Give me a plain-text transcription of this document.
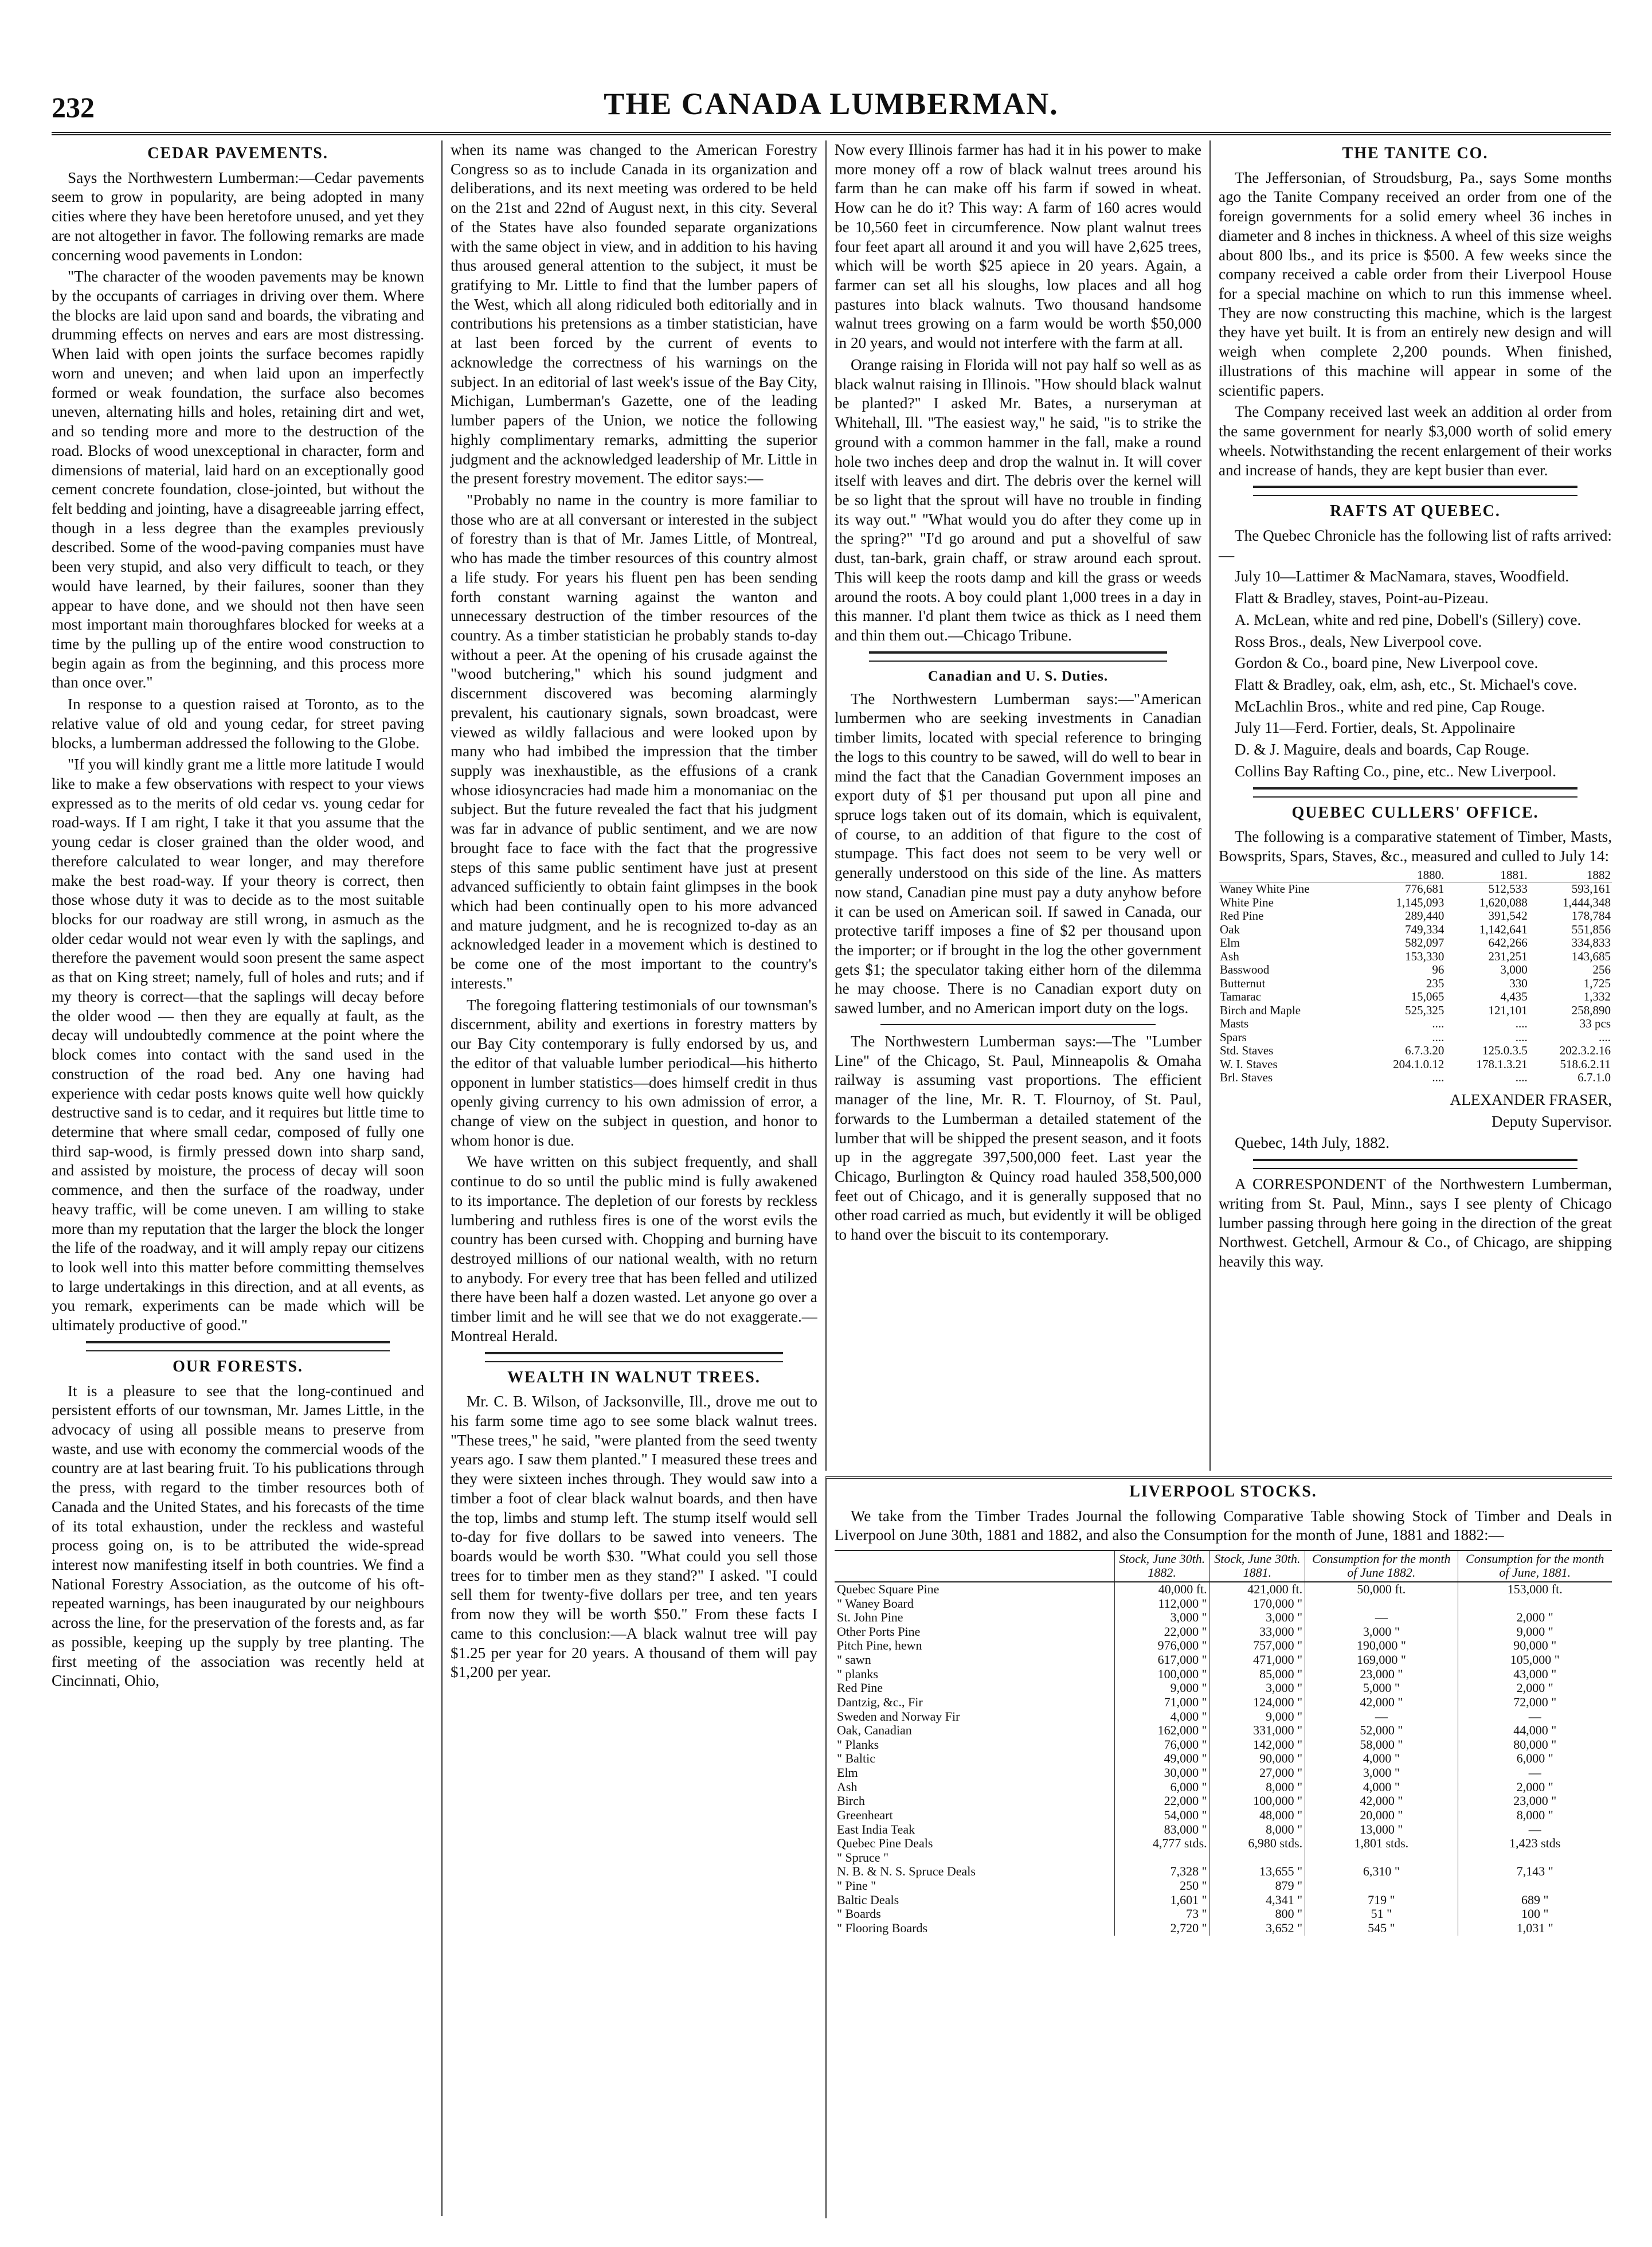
232	THE CANADA LUMBERMAN.
CEDAR PAVEMENTS.

Says the Northwestern Lumberman:—Cedar pavements seem to grow in popularity, are being adopted in many cities where they have been heretofore unused, and yet they are not altogether in favor. The following remarks are made concerning wood pavements in London:

"The character of the wooden pavements may be known by the occupants of carriages in driving over them. Where the blocks are laid upon sand and boards, the vibrating and drumming effects on nerves and ears are most distressing. When laid with open joints the surface becomes rapidly worn and uneven; and when laid upon an imperfectly formed or weak foundation, the surface also becomes uneven, alternating hills and holes, retaining dirt and wet, and so tending more and more to the destruction of the road. Blocks of wood unexceptional in character, form and dimensions of material, laid hard on an exceptionally good cement concrete foundation, close-jointed, but without the felt bedding and jointing, have a disagreeable jarring effect, though in a less degree than the examples previously described. Some of the wood-paving companies must have been very stupid, and also very difficult to teach, or they would have learned, by their failures, sooner than they appear to have done, and we should not then have seen most important main thoroughfares blocked for weeks at a time by the pulling up of the entire wood construction to begin again as from the beginning, and this process more than once over."

In response to a question raised at Toronto, as to the relative value of old and young cedar, for street paving blocks, a lumberman addressed the following to the Globe.

"If you will kindly grant me a little more latitude I would like to make a few observations with respect to your views expressed as to the merits of old cedar vs. young cedar for road-ways. If I am right, I take it that you assume that the young cedar is closer grained than the older wood, and therefore calculated to wear longer, and may therefore make the best road-way. If your theory is correct, then those whose duty it was to decide as to the most suitable blocks for our roadway are still wrong, in asmuch as the older cedar would not wear even ly with the saplings, and therefore the pavement would soon present the same aspect as that on King street; namely, full of holes and ruts; and if my theory is correct—that the saplings will decay before the older wood — then they are equally at fault, as the decay will undoubtedly commence at the point where the block comes into contact with the sand used in the construction of the road bed. Any one having had experience with cedar posts knows quite well how quickly destructive sand is to cedar, and it requires but little time to determine that where small cedar, composed of fully one third sap-wood, is firmly pressed down into sharp sand, and assisted by moisture, the process of decay will soon commence, and then the surface of the roadway, under heavy traffic, will be come uneven. I am willing to stake more than my reputation that the larger the block the longer the life of the roadway, and it will amply repay our citizens to look well into this matter before committing themselves to large undertakings in this direction, and at all events, as you remark, experiments can be made which will be ultimately productive of good."

OUR FORESTS.

It is a pleasure to see that the long-continued and persistent efforts of our townsman, Mr. James Little, in the advocacy of using all possible means to preserve from waste, and use with economy the commercial woods of the country are at last bearing fruit. To his publications through the press, with regard to the timber resources both of Canada and the United States, and his forecasts of the time of its total exhaustion, under the reckless and wasteful process going on, is to be attributed the wide-spread interest now manifesting itself in both countries. We find a National Forestry Association, as the outcome of his oft-repeated warnings, has been inaugurated by our neighbours across the line, for the preservation of the forests and, as far as possible, keeping up the supply by tree planting. The first meeting of the association was recently held at Cincinnati, Ohio,

when its name was changed to the American Forestry Congress so as to include Canada in its organization and deliberations, and its next meeting was ordered to be held on the 21st and 22nd of August next, in this city. Several of the States have also founded separate organizations with the same object in view, and in addition to his having thus aroused general attention to the subject, it must be gratifying to Mr. Little to find that the lumber papers of the West, which all along ridiculed both editorially and in contributions his pretensions as a timber statistician, have at last been forced by the current of events to acknowledge the correctness of his warnings on the subject. In an editorial of last week's issue of the Bay City, Michigan, Lumberman's Gazette, one of the leading lumber papers of the Union, we notice the following highly complimentary remarks, admitting the superior judgment and the acknowledged leadership of Mr. Little in the present forestry movement. The editor says:—

"Probably no name in the country is more familiar to those who are at all conversant or interested in the subject of forestry than is that of Mr. James Little, of Montreal, who has made the timber resources of this country almost a life study. For years his fluent pen has been sending forth constant warning against the wanton and unnecessary destruction of the timber resources of the country. As a timber statistician he probably stands to-day without a peer. At the opening of his crusade against the "wood butchering," which his sound judgment and discernment discovered was becoming alarmingly prevalent, his cautionary signals, sown broadcast, were viewed as wildly fallacious and were looked upon by many who had imbibed the impression that the timber supply was inexhaustible, as the effusions of a crank whose idiosyncracies had made him a monomaniac on the subject. But the future revealed the fact that his judgment was far in advance of public sentiment, and we are now brought face to face with the fact that the progressive steps of this same public sentiment have just at present advanced sufficiently to obtain faint glimpses in the book which had been continually open to his more advanced and mature judgment, and he is recognized to-day as an acknowledged leader in a movement which is destined to be come one of the most important to the country's interests."

The foregoing flattering testimonials of our townsman's discernment, ability and exertions in forestry matters by our Bay City contemporary is fully endorsed by us, and the editor of that valuable lumber periodical—his hitherto opponent in lumber statistics—does himself credit in thus openly giving currency to his own admission of error, a change of view on the subject in question, and honor to whom honor is due.

We have written on this subject frequently, and shall continue to do so until the public mind is fully awakened to its importance. The depletion of our forests by reckless lumbering and ruthless fires is one of the worst evils the country has been cursed with. Chopping and burning have destroyed millions of our national wealth, with no return to anybody. For every tree that has been felled and utilized there have been half a dozen wasted. Let anyone go over a timber limit and he will see that we do not exaggerate.—Montreal Herald.

WEALTH IN WALNUT TREES.

Mr. C. B. Wilson, of Jacksonville, Ill., drove me out to his farm some time ago to see some black walnut trees. "These trees," he said, "were planted from the seed twenty years ago. I saw them planted." I measured these trees and they were sixteen inches through. They would saw into a timber a foot of clear black walnut boards, and then have the top, limbs and stump left. The stump itself would sell to-day for five dollars to be sawed into veneers. The boards would be worth $30. "What could you sell those trees for to timber men as they stand?" I asked. "I could sell them for twenty-five dollars per tree, and ten years from now they will be worth $50." From these facts I came to this conclusion:—A black walnut tree will pay $1.25 per year for 20 years. A thousand of them will pay $1,200 per year.

Now every Illinois farmer has had it in his power to make more money off a row of black walnut trees around his farm than he can make off his farm if sowed in wheat. How can he do it? This way: A farm of 160 acres would be 10,560 feet in circumference. Now plant walnut trees four feet apart all around it and you will have 2,625 trees, which will be worth $25 apiece in 20 years. Again, a farmer can set all his sloughs, low places and all hog pastures into black walnuts. Two thousand handsome walnut trees growing on a farm would be worth $50,000 in 20 years, and would not interfere with the farm at all.

Orange raising in Florida will not pay half so well as as black walnut raising in Illinois. "How should black walnut be planted?" I asked Mr. Bates, a nurseryman at Whitehall, Ill. "The easiest way," he said, "is to strike the ground with a common hammer in the fall, make a round hole two inches deep and drop the walnut in. It will cover itself with leaves and dirt. The debris over the kernel will be so light that the sprout will have no trouble in finding its way out." "What would you do after they come up in the spring?" "I'd go around and put a shovelful of saw dust, tan-bark, grain chaff, or straw around each sprout. This will keep the roots damp and kill the grass or weeds around the roots. A boy could plant 1,000 trees in a day in this manner. I'd plant them twice as thick as I need them and thin them out.—Chicago Tribune.

Canadian and U. S. Duties.

The Northwestern Lumberman says:—"American lumbermen who are seeking investments in Canadian timber limits, located with special reference to bringing the logs to this country to be sawed, will do well to bear in mind the fact that the Canadian Government imposes an export duty of $1 per thousand put upon all pine and spruce logs taken out of its domain, which is equivalent, of course, to an addition of that figure to the cost of stumpage. This fact does not seem to be very well or generally understood on this side of the line. As matters now stand, Canadian pine must pay a duty anyhow before it can be used on American soil. If sawed in Canada, our protective tariff imposes a fine of $2 per thousand upon the importer; or if brought in the log the other government gets $1; the speculator taking either horn of the dilemma he may choose. There is no Canadian export duty on sawed lumber, and no American import duty on the logs.

The Northwestern Lumberman says:—The "Lumber Line" of the Chicago, St. Paul, Minneapolis & Omaha railway is assuming vast proportions. The efficient manager of the line, Mr. R. T. Flournoy, of St. Paul, forwards to the Lumberman a detailed statement of the lumber that will be shipped the present season, and it foots up in the aggregate 397,500,000 feet. Last year the Chicago, Burlington & Quincy road hauled 358,500,000 feet out of Chicago, and it is generally supposed that no other road carried as much, but evidently it will be obliged to hand over the biscuit to its contemporary.

THE TANITE CO.

The Jeffersonian, of Stroudsburg, Pa., says Some months ago the Tanite Company received an order from one of the foreign governments for a solid emery wheel 36 inches in diameter and 8 inches in thickness. A wheel of this size weighs about 800 lbs., and its price is $500. A few weeks since the company received a cable order from their Liverpool House for a special machine on which to run this immense wheel. They are now constructing this machine, which is the largest they have yet built. It is from an entirely new design and will weigh when complete 2,200 pounds. When finished, illustrations of this machine will appear in some of the scientific papers.

The Company received last week an addition al order from the same government for nearly $3,000 worth of solid emery wheels. Notwithstanding the recent enlargement of their works and increase of hands, they are kept busier than ever.

RAFTS AT QUEBEC.

The Quebec Chronicle has the following list of rafts arrived:—

July 10—Lattimer & MacNamara, staves, Woodfield.

Flatt & Bradley, staves, Point-au-Pizeau.

A. McLean, white and red pine, Dobell's (Sillery) cove.

Ross Bros., deals, New Liverpool cove.

Gordon & Co., board pine, New Liverpool cove.

Flatt & Bradley, oak, elm, ash, etc., St. Michael's cove.

McLachlin Bros., white and red pine, Cap Rouge.

July 11—Ferd. Fortier, deals, St. Appolinaire

D. & J. Maguire, deals and boards, Cap Rouge.

Collins Bay Rafting Co., pine, etc.. New Liverpool.

QUEBEC CULLERS' OFFICE.

The following is a comparative statement of Timber, Masts, Bowsprits, Spars, Staves, &c., measured and culled to July 14:

	1880.	1881.	1882
Waney White Pine	776,681	512,533	593,161
White Pine	1,145,093	1,620,088	1,444,348
Red Pine	289,440	391,542	178,784
Oak	749,334	1,142,641	551,856
Elm	582,097	642,266	334,833
Ash	153,330	231,251	143,685
Basswood	96	3,000	256
Butternut	235	330	1,725
Tamarac	15,065	4,435	1,332
Birch and Maple	525,325	121,101	258,890
Masts	....	....	33 pcs
Spars	....	....	....
Std. Staves	6.7.3.20	125.0.3.5	202.3.2.16
W. I. Staves	204.1.0.12	178.1.3.21	518.6.2.11
Brl. Staves	....	....	6.7.1.0

ALEXANDER FRASER,

Deputy Supervisor.

Quebec, 14th July, 1882.

A CORRESPONDENT of the Northwestern Lumberman, writing from St. Paul, Minn., says I see plenty of Chicago lumber passing through here going in the direction of the great Northwest. Getchell, Armour & Co., of Chicago, are shipping heavily this way.

LIVERPOOL STOCKS.

We take from the Timber Trades Journal the following Comparative Table showing Stock of Timber and Deals in Liverpool on June 30th, 1881 and 1882, and also the Consumption for the month of June, 1881 and 1882:—

	Stock, June 30th. 1882.	Stock, June 30th. 1881.	Consumption for the month of June 1882.	Consumption for the month of June, 1881.
Quebec Square Pine	40,000 ft.	421,000 ft.	50,000 ft.	153,000 ft.
" Waney Board	112,000 "	170,000 "		
St. John Pine	3,000 "	3,000 "	—	2,000 "
Other Ports Pine	22,000 "	33,000 "	3,000 "	9,000 "
Pitch Pine, hewn	976,000 "	757,000 "	190,000 "	90,000 "
" sawn	617,000 "	471,000 "	169,000 "	105,000 "
" planks	100,000 "	85,000 "	23,000 "	43,000 "
Red Pine	9,000 "	3,000 "	5,000 "	2,000 "
Dantzig, &c., Fir	71,000 "	124,000 "	42,000 "	72,000 "
Sweden and Norway Fir	4,000 "	9,000 "	—	—
Oak, Canadian	162,000 "	331,000 "	52,000 "	44,000 "
" Planks	76,000 "	142,000 "	58,000 "	80,000 "
" Baltic	49,000 "	90,000 "	4,000 "	6,000 "
Elm	30,000 "	27,000 "	3,000 "	—
Ash	6,000 "	8,000 "	4,000 "	2,000 "
Birch	22,000 "	100,000 "	42,000 "	23,000 "
Greenheart	54,000 "	48,000 "	20,000 "	8,000 "
East India Teak	83,000 "	8,000 "	13,000 "	—
Quebec Pine Deals	4,777 stds.	6,980 stds.	1,801 stds.	1,423 stds
" Spruce "				
N. B. & N. S. Spruce Deals	7,328 "	13,655 "	6,310 "	7,143 "
" Pine "	250 "	879 "		
Baltic Deals	1,601 "	4,341 "	719 "	689 "
" Boards	73 "	800 "	51 "	100 "
" Flooring Boards	2,720 "	3,652 "	545 "	1,031 "
